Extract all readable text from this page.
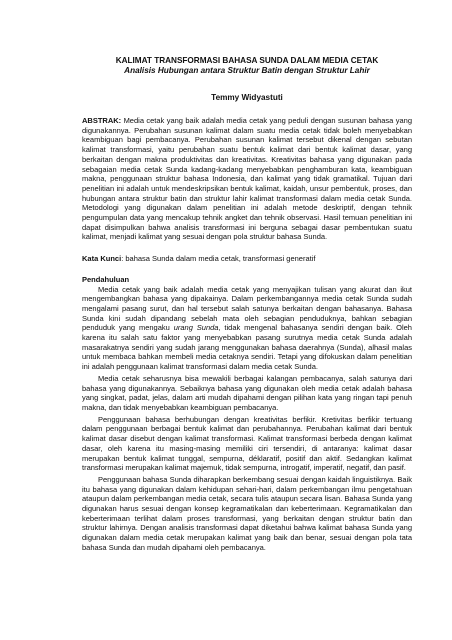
KALIMAT TRANSFORMASI BAHASA SUNDA DALAM MEDIA CETAK
Analisis Hubungan antara Struktur Batin dengan Struktur Lahir
Temmy Widyastuti

ABSTRAK: Media cetak yang baik adalah media cetak yang peduli dengan susunan bahasa yang digunakannya. Perubahan susunan kalimat dalam suatu media cetak tidak boleh menyebabkan keambiguan bagi pembacanya. Perubahan susunan kalimat tersebut dikenal dengan sebutan kalimat transformasi, yaitu perubahan suatu bentuk kalimat dari bentuk kalimat dasar, yang berkaitan dengan makna produktivitas dan kreativitas. Kreativitas bahasa yang digunakan pada sebagaian media cetak Sunda kadang-kadang menyebabkan penghamburan kata, keambiguan makna, penggunaan struktur bahasa Indonesia, dan kalimat yang tidak gramatikal. Tujuan dari penelitian ini adalah untuk mendeskripsikan bentuk kalimat, kaidah, unsur pembentuk, proses, dan hubungan antara struktur batin dan struktur lahir kalimat transformasi dalam media cetak Sunda. Metodologi yang digunakan dalam penelitian ini adalah metode deskriptif, dengan tehnik pengumpulan data yang mencakup tehnik angket dan tehnik observasi. Hasil temuan penelitian ini dapat disimpulkan bahwa analisis transformasi ini berguna sebagai dasar pembentukan suatu kalimat, menjadi kalimat yang sesuai dengan pola struktur bahasa Sunda.

Kata Kunci: bahasa Sunda dalam media cetak, transformasi generatif

Pendahuluan

Media cetak yang baik adalah media cetak yang menyajikan tulisan yang akurat dan ikut mengembangkan bahasa yang dipakainya. Dalam perkembangannya media cetak Sunda sudah mengalami pasang surut, dan hal tersebut salah satunya berkaitan dengan bahasanya. Bahasa Sunda kini sudah dipandang sebelah mata oleh sebagian penduduknya, bahkan sebagian penduduk yang mengaku urang Sunda, tidak mengenal bahasanya sendiri dengan baik. Oleh karena itu salah satu faktor yang menyebabkan pasang surutnya media cetak Sunda adalah masarakatnya sendiri yang sudah jarang menggunakan bahasa daerahnya (Sunda), alhasil malas untuk membaca bahkan membeli media cetaknya sendiri. Tetapi yang difokuskan dalam penelitian ini adalah penggunaan kalimat transformasi dalam media cetak Sunda.

Media cetak seharusnya bisa mewakili berbagai kalangan pembacanya, salah satunya dari bahasa yang digunakannya. Sebaiknya bahasa yang digunakan oleh media cetak adalah bahasa yang singkat, padat, jelas, dalam arti mudah dipahami dengan pilihan kata yang ringan tapi penuh makna, dan tidak menyebabkan keambiguan pembacanya.

Penggunaan bahasa berhubungan dengan kreativitas berfikir. Kretivitas berfikir tertuang dalam penggunaan berbagai bentuk kalimat dan perubahannya. Perubahan kalimat dari bentuk kalimat dasar disebut dengan kalimat transformasi. Kalimat transformasi berbeda dengan kalimat dasar, oleh karena itu masing-masing memiliki ciri tersendiri, di antaranya: kalimat dasar merupakan bentuk kalimat tunggal, sempurna, déklaratif, positif dan aktif. Sedangkan kalimat transformasi merupakan kalimat majemuk, tidak sempurna, introgatif, imperatif, negatif, dan pasif.

Penggunaan bahasa Sunda diharapkan berkembang sesuai dengan kaidah linguistiknya. Baik itu bahasa yang digunakan dalam kehidupan sehari-hari, dalam perkembangan ilmu pengetahuan ataupun dalam perkembangan media cetak, secara tulis ataupun secara lisan. Bahasa Sunda yang digunakan harus sesuai dengan konsep kegramatikalan dan keberterimaan. Kegramatikalan dan keberterimaan terlihat dalam proses transformasi, yang berkaitan dengan struktur batin dan struktur lahirnya. Dengan analisis transformasi dapat diketahui bahwa kalimat bahasa Sunda yang digunakan dalam media cetak merupakan kalimat yang baik dan benar, sesuai dengan pola tata bahasa Sunda dan mudah dipahami oleh pembacanya.
